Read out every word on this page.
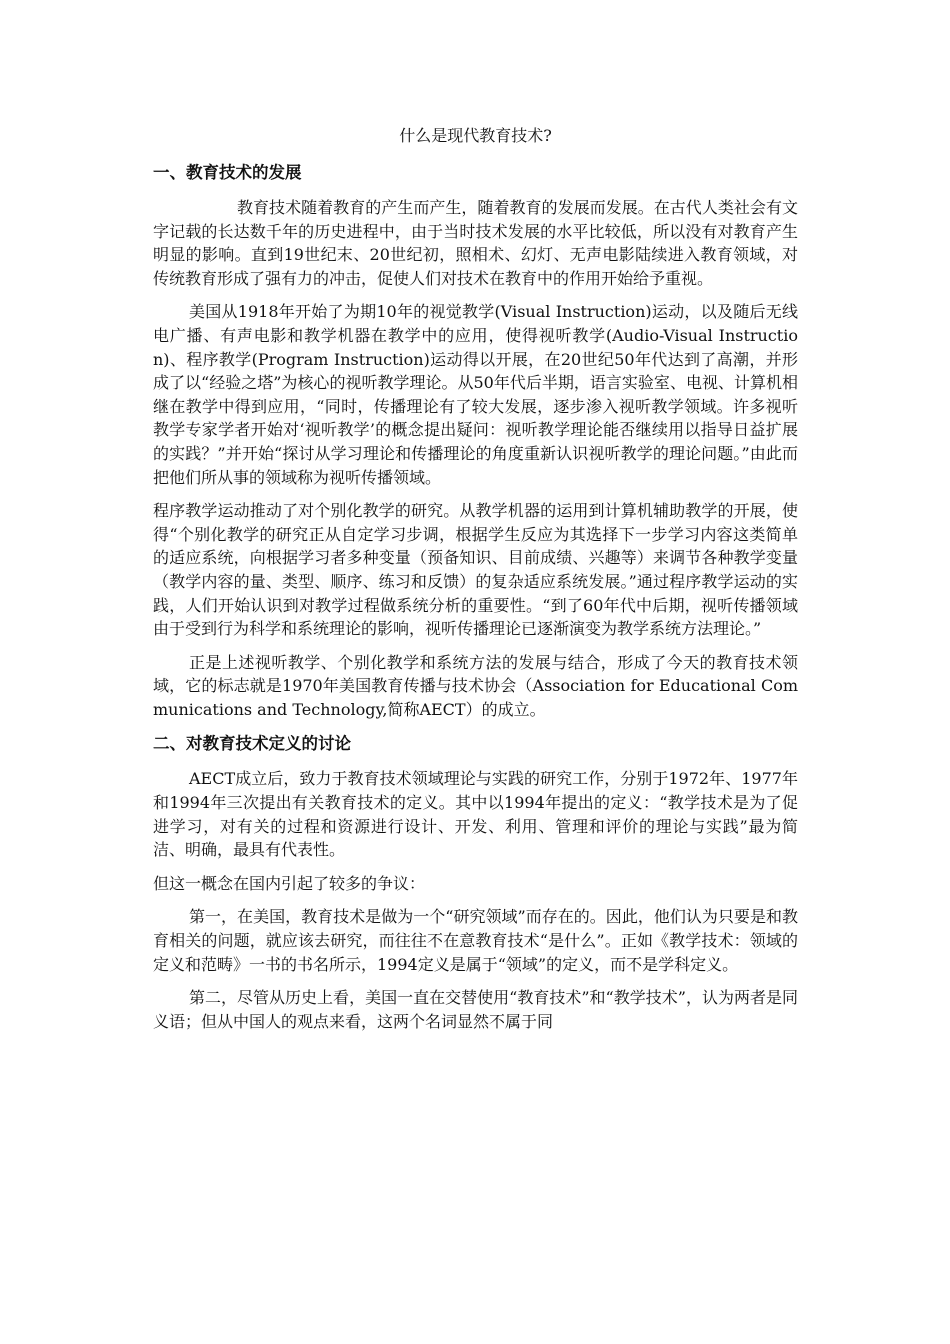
什么是现代教育技术?
一、教育技术的发展

教育技术随着教育的产生而产生，随着教育的发展而发展。在古代人类社会有文字记载的长达数千年的历史进程中，由于当时技术发展的水平比较低，所以没有对教育产生明显的影响。直到19世纪末、20世纪初，照相术、幻灯、无声电影陆续进入教育领域，对传统教育形成了强有力的冲击，促使人们对技术在教育中的作用开始给予重视。

美国从1918年开始了为期10年的视觉教学(Visual Instruction)运动，以及随后无线电广播、有声电影和教学机器在教学中的应用，使得视听教学(Audio-Visual Instruction)、程序教学(Program Instruction)运动得以开展，在20世纪50年代达到了高潮，并形成了以“经验之塔”为核心的视听教学理论。从50年代后半期，语言实验室、电视、计算机相继在教学中得到应用，“同时，传播理论有了较大发展，逐步渗入视听教学领域。许多视听教学专家学者开始对‘视听教学’的概念提出疑问：视听教学理论能否继续用以指导日益扩展的实践？”并开始“探讨从学习理论和传播理论的角度重新认识视听教学的理论问题。”由此而把他们所从事的领域称为视听传播领域。

程序教学运动推动了对个别化教学的研究。从教学机器的运用到计算机辅助教学的开展，使得“个别化教学的研究正从自定学习步调，根据学生反应为其选择下一步学习内容这类简单的适应系统，向根据学习者多种变量（预备知识、目前成绩、兴趣等）来调节各种教学变量（教学内容的量、类型、顺序、练习和反馈）的复杂适应系统发展。”通过程序教学运动的实践，人们开始认识到对教学过程做系统分析的重要性。“到了60年代中后期，视听传播领域由于受到行为科学和系统理论的影响，视听传播理论已逐渐演变为教学系统方法理论。”

正是上述视听教学、个别化教学和系统方法的发展与结合，形成了今天的教育技术领域，它的标志就是1970年美国教育传播与技术协会（Association for Educational Communications and Technology,简称AECT）的成立。

二、对教育技术定义的讨论

AECT成立后，致力于教育技术领域理论与实践的研究工作，分别于1972年、1977年和1994年三次提出有关教育技术的定义。其中以1994年提出的定义：“教学技术是为了促进学习，对有关的过程和资源进行设计、开发、利用、管理和评价的理论与实践”最为简洁、明确，最具有代表性。

但这一概念在国内引起了较多的争议：

第一，在美国，教育技术是做为一个“研究领域”而存在的。因此，他们认为只要是和教育相关的问题，就应该去研究，而往往不在意教育技术“是什么”。正如《教学技术：领域的定义和范畴》一书的书名所示，1994定义是属于“领域”的定义，而不是学科定义。

第二，尽管从历史上看，美国一直在交替使用“教育技术”和“教学技术”，认为两者是同义语；但从中国人的观点来看，这两个名词显然不属于同
